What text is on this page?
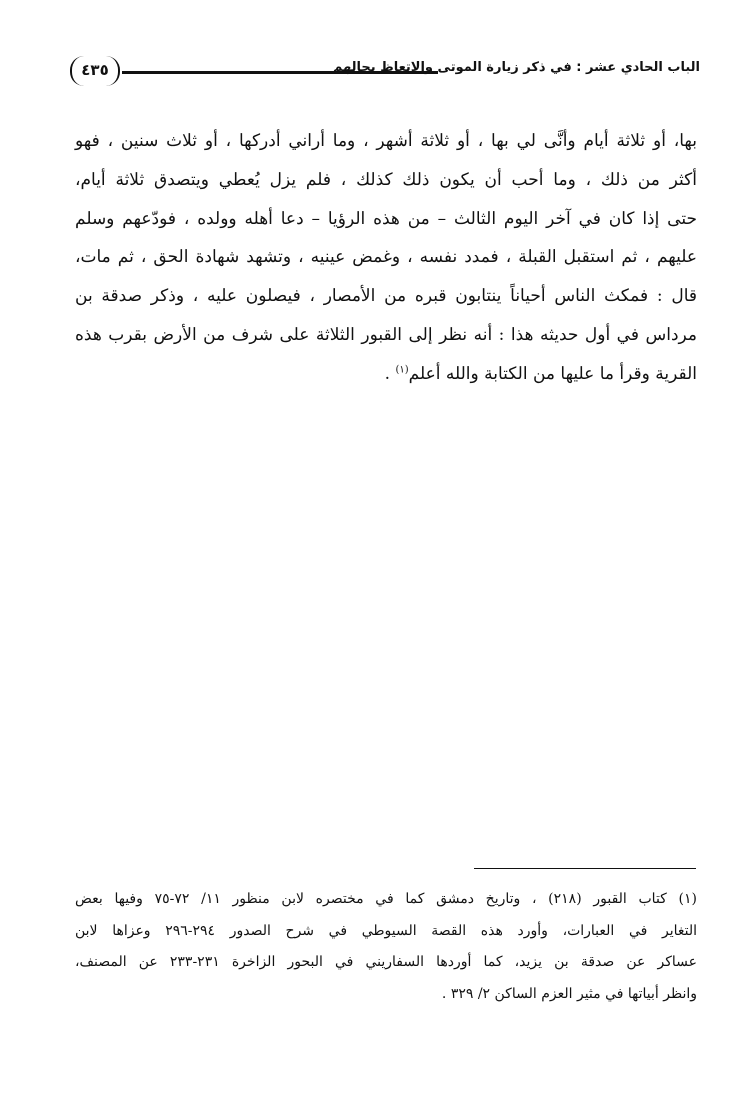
الباب الحادي عشر : في ذكر زيارة الموتى والاتعاظ بحالهم
٤٣٥
بها، أو ثلاثة أيام وأنَّى لي بها ، أو ثلاثة أشهر ، وما أراني أدركها ، أو ثلاث سنين ، فهو
أكثر من ذلك ، وما أحب أن يكون ذلك كذلك ، فلم يزل يُعطي ويتصدق ثلاثة أيام،
حتى إذا كان في آخر اليوم الثالث – من هذه الرؤيا – دعا أهله وولده ، فودّعهم وسلم
عليهم ، ثم استقبل القبلة ، فمدد نفسه ، وغمض عينيه ، وتشهد شهادة الحق ، ثم مات،
قال : فمكث الناس أحياناً ينتابون قبره من الأمصار ، فيصلون عليه ، وذكر صدقة بن
مرداس في أول حديثه هذا : أنه نظر إلى القبور الثلاثة على شرف من الأرض بقرب هذه
القرية وقرأ ما عليها من الكتابة والله أعلم$^{(١)}$ .
(١) كتاب القبور (٢١٨) ، وتاريخ دمشق كما في مختصره لابن منظور ١١/ ٧٢-٧٥ وفيها بعض
التغاير في العبارات، وأورد هذه القصة السيوطي في شرح الصدور ٢٩٤-٢٩٦ وعزاها لابن
عساكر عن صدقة بن يزيد، كما أوردها السفاريني في البحور الزاخرة ٢٣١-٢٣٣ عن المصنف،
وانظر أبياتها في مثير العزم الساكن ٢/ ٣٢٩ .
